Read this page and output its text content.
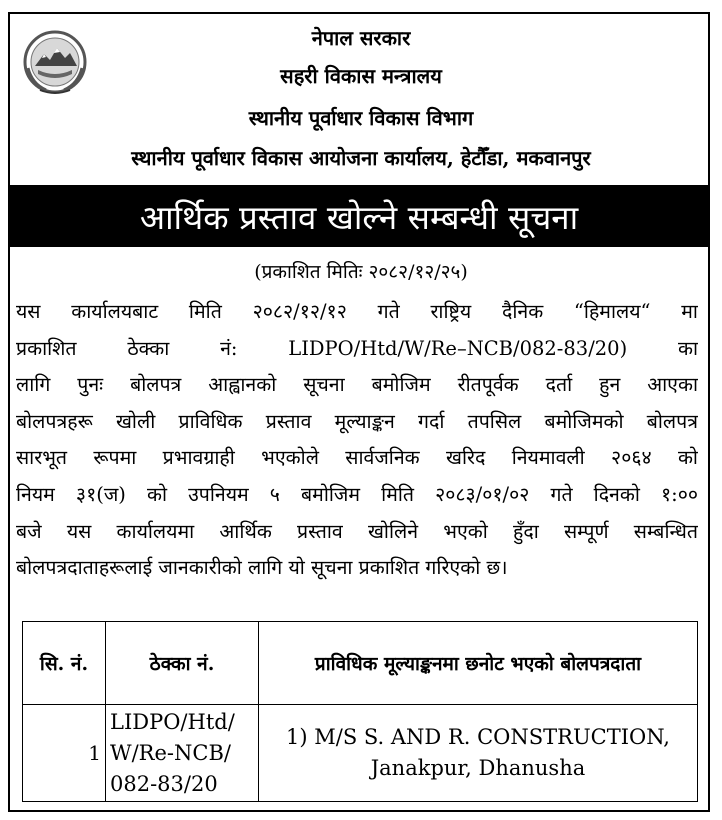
नेपाल सरकार
सहरी विकास मन्त्रालय
स्थानीय पूर्वाधार विकास विभाग
स्थानीय पूर्वाधार विकास आयोजना कार्यालय, हेटौँडा, मकवानपुर
आर्थिक प्रस्ताव खोल्ने सम्बन्धी सूचना
(प्रकाशित मितिः २०८२/१२/२५)
यस कार्यालयबाट मिति २०८२/१२/१२ गते राष्ट्रिय दैनिक “हिमालय“ मा
प्रकाशित ठेक्का नं: LIDPO/Htd/W/Re–NCB/082-83/20) का
लागि पुनः बोलपत्र आह्वानको सूचना बमोजिम रीतपूर्वक दर्ता हुन आएका
बोलपत्रहरू खोली प्राविधिक प्रस्ताव मूल्याङ्कन गर्दा तपसिल बमोजिमको बोलपत्र
सारभूत रूपमा प्रभावग्राही भएकोले सार्वजनिक खरिद नियमावली २०६४ को
नियम ३१(ज) को उपनियम ५ बमोजिम मिति २०८३/०१/०२ गते दिनको १:००
बजे यस कार्यालयमा आर्थिक प्रस्ताव खोलिने भएको हुँदा सम्पूर्ण सम्बन्धित
बोलपत्रदाताहरूलाई जानकारीको लागि यो सूचना प्रकाशित गरिएको छ।
सि. नं.	ठेक्का नं.	प्राविधिक मूल्याङ्कनमा छनोट भएको बोलपत्रदाता
1	LIDPO/Htd/ W/Re-NCB/ 082-83/20	1) M/S S. AND R. CONSTRUCTION, Janakpur, Dhanusha
